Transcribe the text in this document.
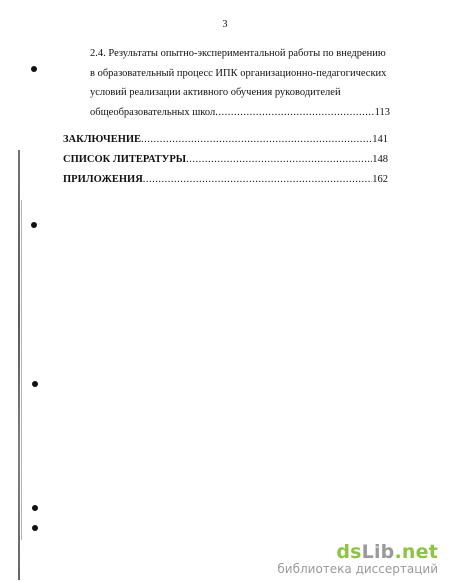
3
2.4. Результаты опытно-экспериментальной работы по внедрению
в образовательный процесс ИПК организационно-педагогических
условий реализации активного обучения руководителей
общеобразовательных школ .....	113
ЗАКЛЮЧЕНИЕ .....	141
СПИСОК ЛИТЕРАТУРЫ .....	148
ПРИЛОЖЕНИЯ .....	162
dsLib.net
библиотека диссертаций
